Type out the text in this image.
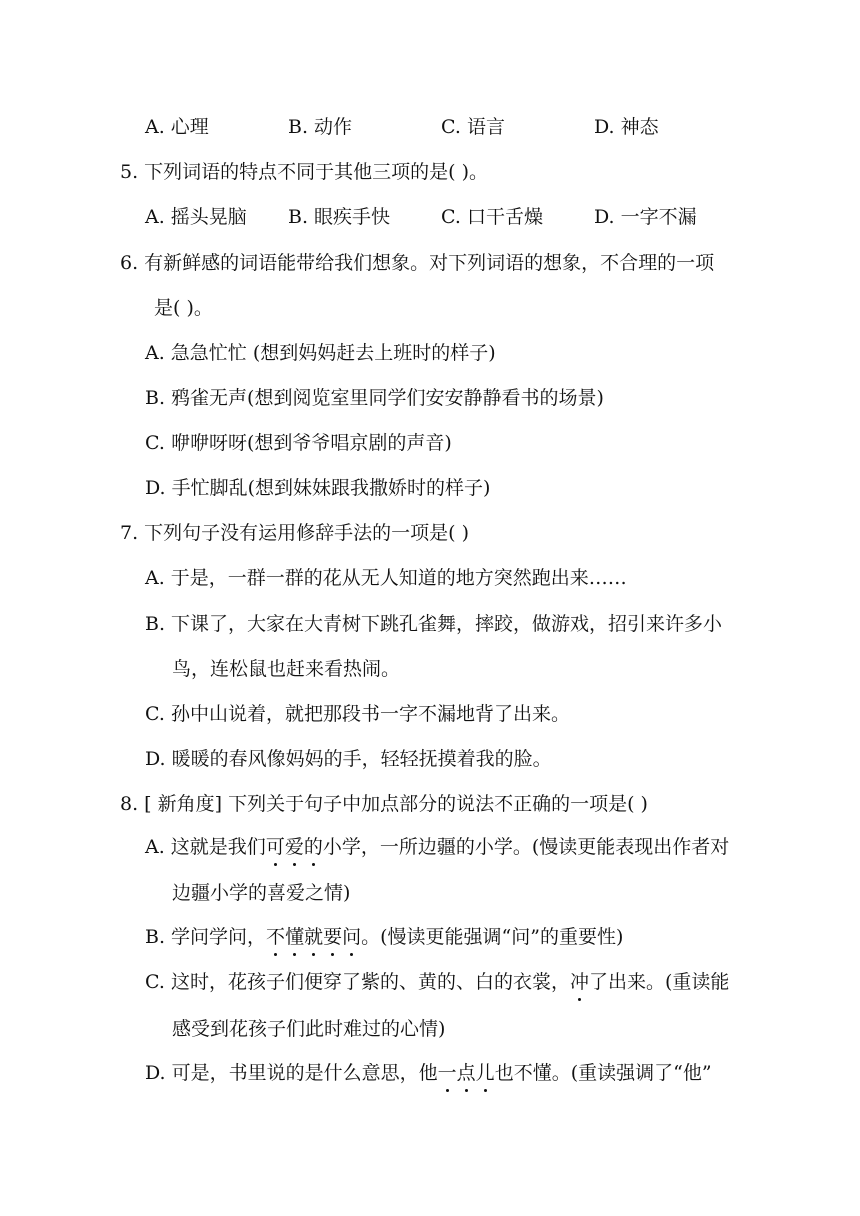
A. 心理	B. 动作	C. 语言	D. 神态
5. 下列词语的特点不同于其他三项的是( )。
A. 摇头晃脑 B. 眼疾手快	C. 口干舌燥	D. 一字不漏
6. 有新鲜感的词语能带给我们想象。对下列词语的想象，不合理的一项
是( )。
A. 急急忙忙 (想到妈妈赶去上班时的样子)
B. 鸦雀无声(想到阅览室里同学们安安静静看书的场景)
C. 咿咿呀呀(想到爷爷唱京剧的声音)
D. 手忙脚乱(想到妹妹跟我撒娇时的样子)
7. 下列句子没有运用修辞手法的一项是( )
A. 于是，一群一群的花从无人知道的地方突然跑出来……
B. 下课了，大家在大青树下跳孔雀舞，摔跤，做游戏，招引来许多小
鸟，连松鼠也赶来看热闹。
C. 孙中山说着，就把那段书一字不漏地背了出来。
D. 暖暖的春风像妈妈的手，轻轻抚摸着我的脸。
8. [ 新角度] 下列关于句子中加点部分的说法不正确的一项是( )
A. 这就是我们可爱的小学，一所边疆的小学。(慢读更能表现出作者对
边疆小学的喜爱之情)
B. 学问学问，不懂就要问。(慢读更能强调“问”的重要性)
C. 这时，花孩子们便穿了紫的、黄的、白的衣裳，冲了出来。(重读能
感受到花孩子们此时难过的心情)
D. 可是，书里说的是什么意思，他一点儿也不懂。(重读强调了“他”
